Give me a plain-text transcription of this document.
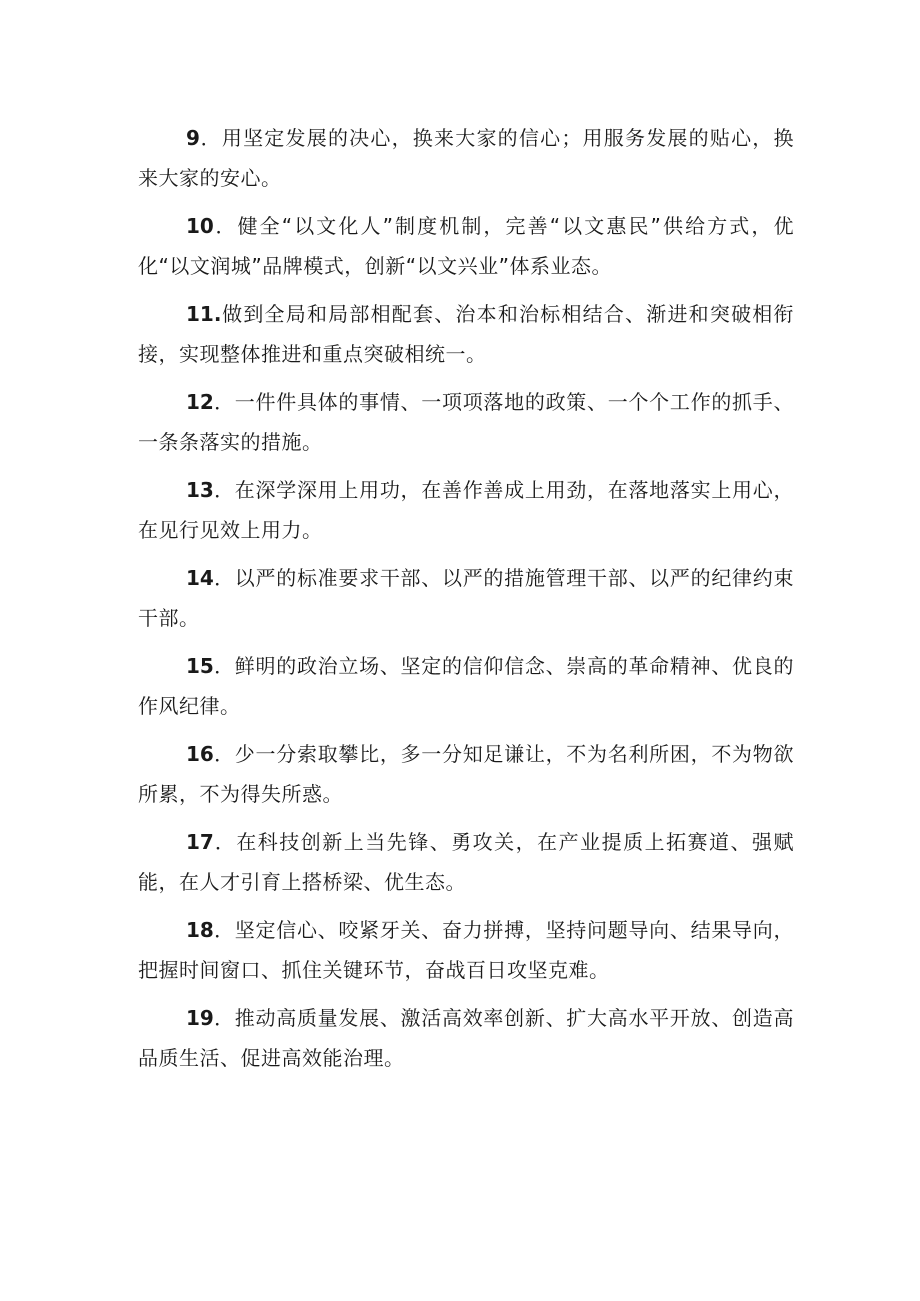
9．用坚定发展的决心，换来大家的信心；用服务发展的贴心，换来大家的安心。

10．健全“以文化人”制度机制，完善“以文惠民”供给方式，优化“以文润城”品牌模式，创新“以文兴业”体系业态。

11.做到全局和局部相配套、治本和治标相结合、渐进和突破相衔接，实现整体推进和重点突破相统一。

12．一件件具体的事情、一项项落地的政策、一个个工作的抓手、一条条落实的措施。

13．在深学深用上用功，在善作善成上用劲，在落地落实上用心，在见行见效上用力。

14．以严的标准要求干部、以严的措施管理干部、以严的纪律约束干部。

15．鲜明的政治立场、坚定的信仰信念、崇高的革命精神、优良的作风纪律。

16．少一分索取攀比，多一分知足谦让，不为名利所困，不为物欲所累，不为得失所惑。

17．在科技创新上当先锋、勇攻关，在产业提质上拓赛道、强赋能，在人才引育上搭桥梁、优生态。

18．坚定信心、咬紧牙关、奋力拼搏，坚持问题导向、结果导向，把握时间窗口、抓住关键环节，奋战百日攻坚克难。

19．推动高质量发展、激活高效率创新、扩大高水平开放、创造高品质生活、促进高效能治理。
